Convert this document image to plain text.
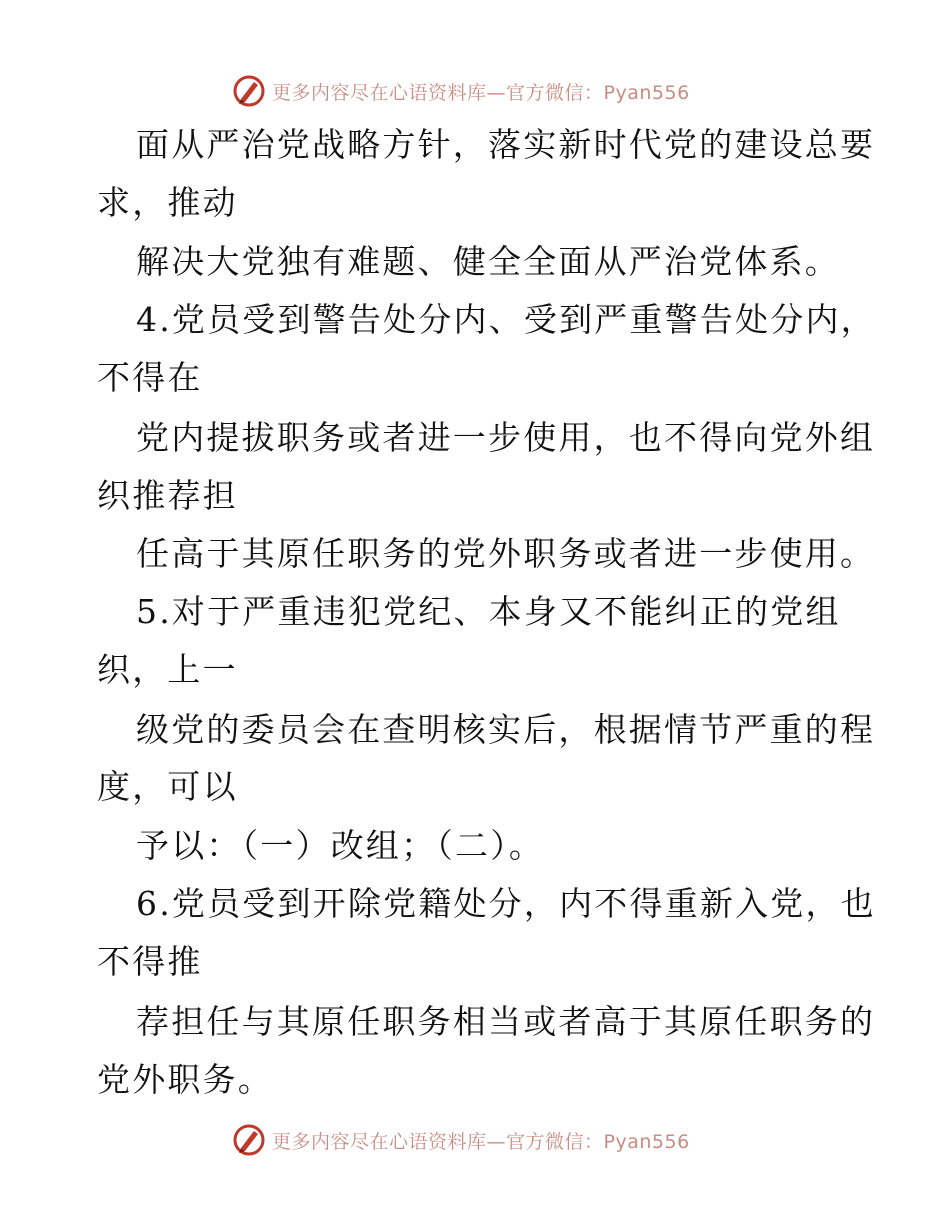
更多内容尽在心语资料库—官方微信：Pyan556
面从严治党战略方针，落实新时代党的建设总要
求，推动
解决大党独有难题、健全全面从严治党体系。
4.党员受到警告处分内、受到严重警告处分内，
不得在
党内提拔职务或者进一步使用，也不得向党外组
织推荐担
任高于其原任职务的党外职务或者进一步使用。
5.对于严重违犯党纪、本身又不能纠正的党组
织，上一
级党的委员会在查明核实后，根据情节严重的程
度，可以
予以：（一）改组；（二）。
6.党员受到开除党籍处分，内不得重新入党，也
不得推
荐担任与其原任职务相当或者高于其原任职务的
党外职务。
更多内容尽在心语资料库—官方微信：Pyan556
